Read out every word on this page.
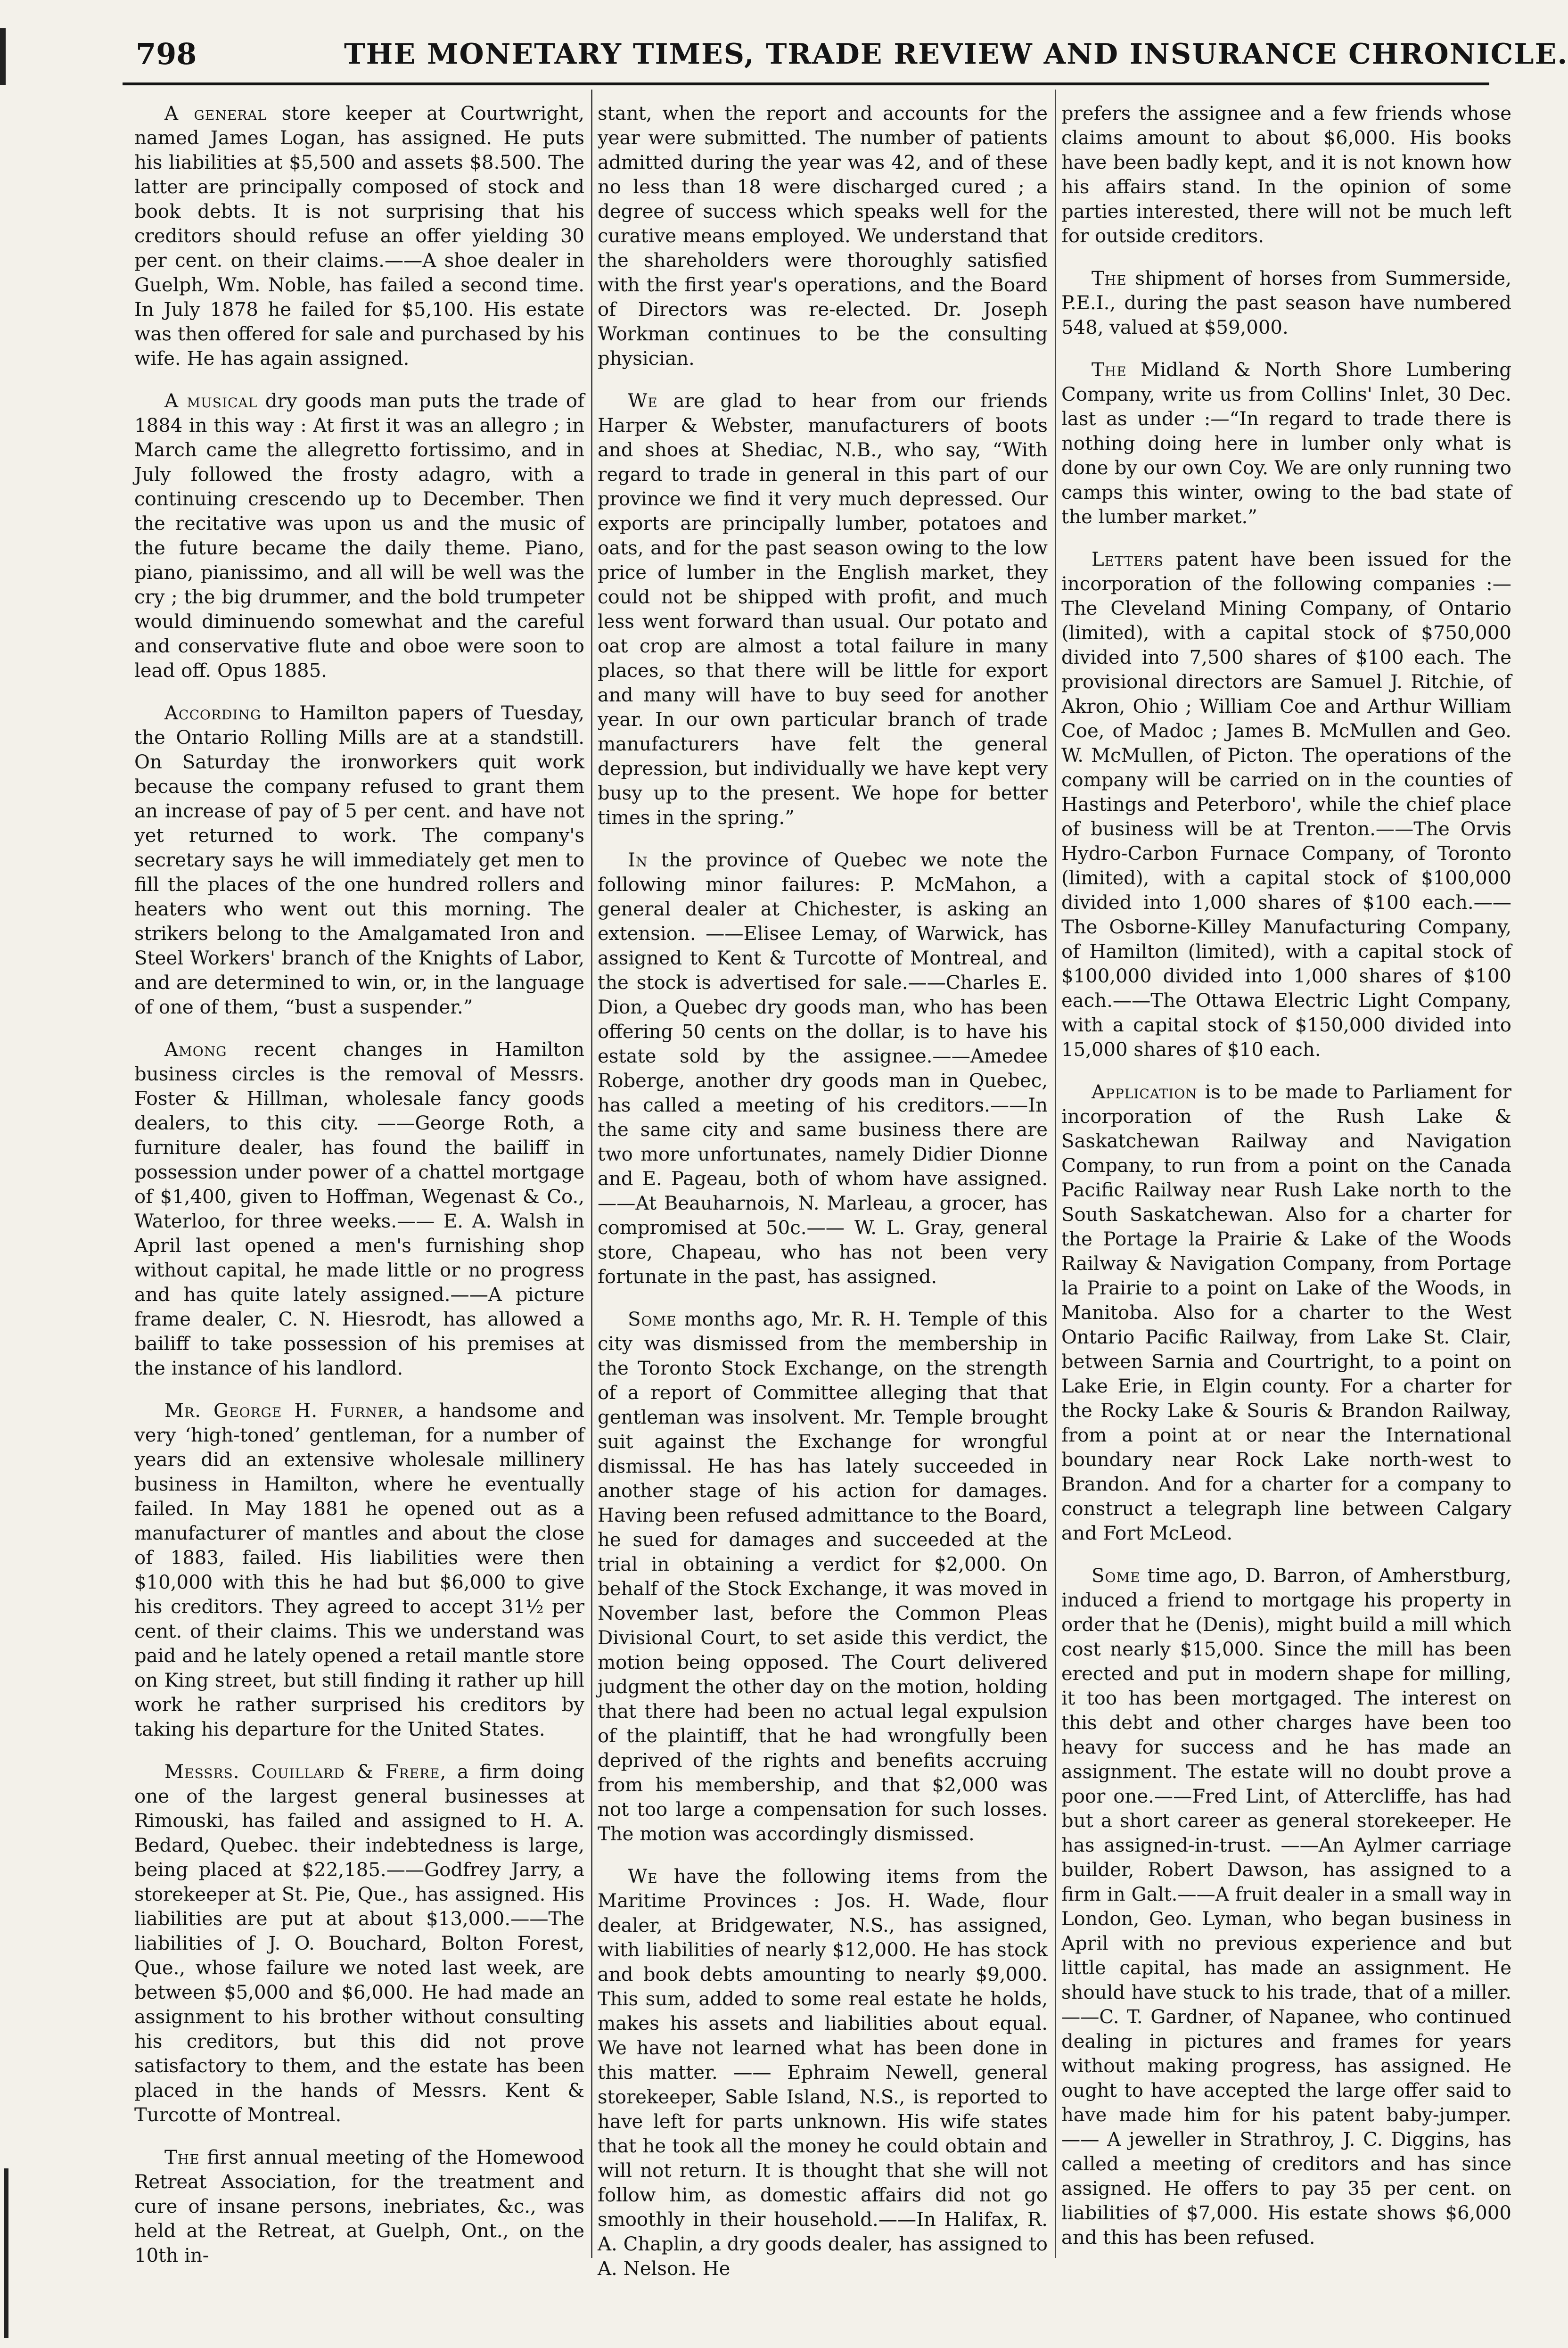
798	THE MONETARY TIMES, TRADE REVIEW AND INSURANCE CHRONICLE.

A general store keeper at Courtwright, named James Logan, has assigned. He puts his liabilities at $5,500 and assets $8.500. The latter are principally composed of stock and book debts. It is not surprising that his creditors should refuse an offer yielding 30 per cent. on their claims.——A shoe dealer in Guelph, Wm. Noble, has failed a second time. In July 1878 he failed for $5,100. His estate was then offered for sale and purchased by his wife. He has again assigned.

A musical dry goods man puts the trade of 1884 in this way : At first it was an allegro ; in March came the allegretto fortissimo, and in July followed the frosty adagro, with a continuing crescendo up to December. Then the recitative was upon us and the music of the future became the daily theme. Piano, piano, pianissimo, and all will be well was the cry ; the big drummer, and the bold trumpeter would diminuendo somewhat and the careful and conservative flute and oboe were soon to lead off. Opus 1885.

According to Hamilton papers of Tuesday, the Ontario Rolling Mills are at a standstill. On Saturday the ironworkers quit work because the company refused to grant them an increase of pay of 5 per cent. and have not yet returned to work. The company's secretary says he will immediately get men to fill the places of the one hundred rollers and heaters who went out this morning. The strikers belong to the Amalgamated Iron and Steel Workers' branch of the Knights of Labor, and are determined to win, or, in the language of one of them, “bust a suspender.”

Among recent changes in Hamilton business circles is the removal of Messrs. Foster & Hillman, wholesale fancy goods dealers, to this city. ——George Roth, a furniture dealer, has found the bailiff in possession under power of a chattel mortgage of $1,400, given to Hoffman, Wegenast & Co., Waterloo, for three weeks.—— E. A. Walsh in April last opened a men's furnishing shop without capital, he made little or no progress and has quite lately assigned.——A picture frame dealer, C. N. Hiesrodt, has allowed a bailiff to take possession of his premises at the instance of his landlord.

Mr. George H. Furner, a handsome and very ‘high-toned’ gentleman, for a number of years did an extensive wholesale millinery business in Hamilton, where he eventually failed. In May 1881 he opened out as a manufacturer of mantles and about the close of 1883, failed. His liabilities were then $10,000 with this he had but $6,000 to give his creditors. They agreed to accept 31½ per cent. of their claims. This we understand was paid and he lately opened a retail mantle store on King street, but still finding it rather up hill work he rather surprised his creditors by taking his departure for the United States.

Messrs. Couillard & Frere, a firm doing one of the largest general businesses at Rimouski, has failed and assigned to H. A. Bedard, Quebec. their indebtedness is large, being placed at $22,185.——Godfrey Jarry, a storekeeper at St. Pie, Que., has assigned. His liabilities are put at about $13,000.——The liabilities of J. O. Bouchard, Bolton Forest, Que., whose failure we noted last week, are between $5,000 and $6,000. He had made an assignment to his brother without consulting his creditors, but this did not prove satisfactory to them, and the estate has been placed in the hands of Messrs. Kent & Turcotte of Montreal.

The first annual meeting of the Homewood Retreat Association, for the treatment and cure of insane persons, inebriates, &c., was held at the Retreat, at Guelph, Ont., on the 10th in-

stant, when the report and accounts for the year were submitted. The number of patients admitted during the year was 42, and of these no less than 18 were discharged cured ; a degree of success which speaks well for the curative means employed. We understand that the shareholders were thoroughly satisfied with the first year's operations, and the Board of Directors was re-elected. Dr. Joseph Workman continues to be the consulting physician.

We are glad to hear from our friends Harper & Webster, manufacturers of boots and shoes at Shediac, N.B., who say, “With regard to trade in general in this part of our province we find it very much depressed. Our exports are principally lumber, potatoes and oats, and for the past season owing to the low price of lumber in the English market, they could not be shipped with profit, and much less went forward than usual. Our potato and oat crop are almost a total failure in many places, so that there will be little for export and many will have to buy seed for another year. In our own particular branch of trade manufacturers have felt the general depression, but individually we have kept very busy up to the present. We hope for better times in the spring.”

In the province of Quebec we note the following minor failures: P. McMahon, a general dealer at Chichester, is asking an extension. ——Elisee Lemay, of Warwick, has assigned to Kent & Turcotte of Montreal, and the stock is advertised for sale.——Charles E. Dion, a Quebec dry goods man, who has been offering 50 cents on the dollar, is to have his estate sold by the assignee.——Amedee Roberge, another dry goods man in Quebec, has called a meeting of his creditors.——In the same city and same business there are two more unfortunates, namely Didier Dionne and E. Pageau, both of whom have assigned.——At Beauharnois, N. Marleau, a grocer, has compromised at 50c.—— W. L. Gray, general store, Chapeau, who has not been very fortunate in the past, has assigned.

Some months ago, Mr. R. H. Temple of this city was dismissed from the membership in the Toronto Stock Exchange, on the strength of a report of Committee alleging that that gentleman was insolvent. Mr. Temple brought suit against the Exchange for wrongful dismissal. He has has lately succeeded in another stage of his action for damages. Having been refused admittance to the Board, he sued for damages and succeeded at the trial in obtaining a verdict for $2,000. On behalf of the Stock Exchange, it was moved in November last, before the Common Pleas Divisional Court, to set aside this verdict, the motion being opposed. The Court delivered judgment the other day on the motion, holding that there had been no actual legal expulsion of the plaintiff, that he had wrongfully been deprived of the rights and benefits accruing from his membership, and that $2,000 was not too large a compensation for such losses. The motion was accordingly dismissed.

We have the following items from the Maritime Provinces : Jos. H. Wade, flour dealer, at Bridgewater, N.S., has assigned, with liabilities of nearly $12,000. He has stock and book debts amounting to nearly $9,000. This sum, added to some real estate he holds, makes his assets and liabilities about equal. We have not learned what has been done in this matter. —— Ephraim Newell, general storekeeper, Sable Island, N.S., is reported to have left for parts unknown. His wife states that he took all the money he could obtain and will not return. It is thought that she will not follow him, as domestic affairs did not go smoothly in their household.——In Halifax, R. A. Chaplin, a dry goods dealer, has assigned to A. Nelson. He

prefers the assignee and a few friends whose claims amount to about $6,000. His books have been badly kept, and it is not known how his affairs stand. In the opinion of some parties interested, there will not be much left for outside creditors.

The shipment of horses from Summerside, P.E.I., during the past season have numbered 548, valued at $59,000.

The Midland & North Shore Lumbering Company, write us from Collins' Inlet, 30 Dec. last as under :—“In regard to trade there is nothing doing here in lumber only what is done by our own Coy. We are only running two camps this winter, owing to the bad state of the lumber market.”

Letters patent have been issued for the incorporation of the following companies :—The Cleveland Mining Company, of Ontario (limited), with a capital stock of $750,000 divided into 7,500 shares of $100 each. The provisional directors are Samuel J. Ritchie, of Akron, Ohio ; William Coe and Arthur William Coe, of Madoc ; James B. McMullen and Geo. W. McMullen, of Picton. The operations of the company will be carried on in the counties of Hastings and Peterboro', while the chief place of business will be at Trenton.——The Orvis Hydro-Carbon Furnace Company, of Toronto (limited), with a capital stock of $100,000 divided into 1,000 shares of $100 each.——The Osborne-Killey Manufacturing Company, of Hamilton (limited), with a capital stock of $100,000 divided into 1,000 shares of $100 each.——The Ottawa Electric Light Company, with a capital stock of $150,000 divided into 15,000 shares of $10 each.

Application is to be made to Parliament for incorporation of the Rush Lake & Saskatchewan Railway and Navigation Company, to run from a point on the Canada Pacific Railway near Rush Lake north to the South Saskatchewan. Also for a charter for the Portage la Prairie & Lake of the Woods Railway & Navigation Company, from Portage la Prairie to a point on Lake of the Woods, in Manitoba. Also for a charter to the West Ontario Pacific Railway, from Lake St. Clair, between Sarnia and Courtright, to a point on Lake Erie, in Elgin county. For a charter for the Rocky Lake & Souris & Brandon Railway, from a point at or near the International boundary near Rock Lake north-west to Brandon. And for a charter for a company to construct a telegraph line between Calgary and Fort McLeod.

Some time ago, D. Barron, of Amherstburg, induced a friend to mortgage his property in order that he (Denis), might build a mill which cost nearly $15,000. Since the mill has been erected and put in modern shape for milling, it too has been mortgaged. The interest on this debt and other charges have been too heavy for success and he has made an assignment. The estate will no doubt prove a poor one.——Fred Lint, of Attercliffe, has had but a short career as general storekeeper. He has assigned-in-trust. ——An Aylmer carriage builder, Robert Dawson, has assigned to a firm in Galt.——A fruit dealer in a small way in London, Geo. Lyman, who began business in April with no previous experience and but little capital, has made an assignment. He should have stuck to his trade, that of a miller.——C. T. Gardner, of Napanee, who continued dealing in pictures and frames for years without making progress, has assigned. He ought to have accepted the large offer said to have made him for his patent baby-jumper.—— A jeweller in Strathroy, J. C. Diggins, has called a meeting of creditors and has since assigned. He offers to pay 35 per cent. on liabilities of $7,000. His estate shows $6,000 and this has been refused.
